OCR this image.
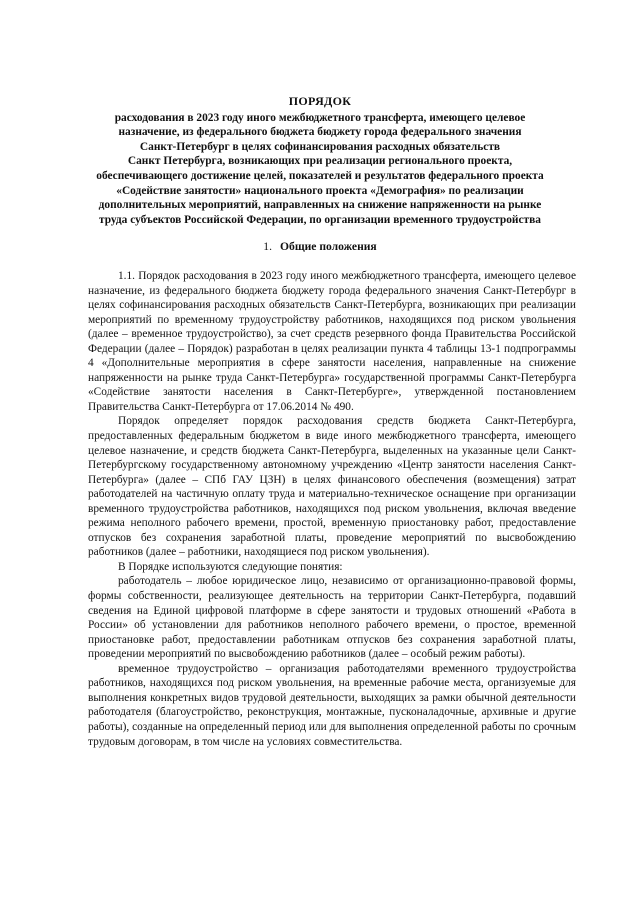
ПОРЯДОК
расходования в 2023 году иного межбюджетного трансферта, имеющего целевое
назначение, из федерального бюджета бюджету города федерального значения
Санкт-Петербург в целях софинансирования расходных обязательств
Санкт Петербурга, возникающих при реализации регионального проекта,
обеспечивающего достижение целей, показателей и результатов федерального проекта
«Содействие занятости» национального проекта «Демография» по реализации
дополнительных мероприятий, направленных на снижение напряженности на рынке
труда субъектов Российской Федерации, по организации временного трудоустройства
1. Общие положения

1.1. Порядок расходования в 2023 году иного межбюджетного трансферта, имеющего целевое назначение, из федерального бюджета бюджету города федерального значения Санкт-Петербург в целях софинансирования расходных обязательств Санкт-Петербурга, возникающих при реализации мероприятий по временному трудоустройству работников, находящихся под риском увольнения (далее – временное трудоустройство), за счет средств резервного фонда Правительства Российской Федерации (далее – Порядок) разработан в целях реализации пункта 4 таблицы 13-1 подпрограммы 4 «Дополнительные мероприятия в сфере занятости населения, направленные на снижение напряженности на рынке труда Санкт-Петербурга» государственной программы Санкт-Петербурга «Содействие занятости населения в Санкт-Петербурге», утвержденной постановлением Правительства Санкт-Петербурга от 17.06.2014 № 490.

Порядок определяет порядок расходования средств бюджета Санкт-Петербурга, предоставленных федеральным бюджетом в виде иного межбюджетного трансферта, имеющего целевое назначение, и средств бюджета Санкт-Петербурга, выделенных на указанные цели Санкт-Петербургскому государственному автономному учреждению «Центр занятости населения Санкт-Петербурга» (далее – СПб ГАУ ЦЗН) в целях финансового обеспечения (возмещения) затрат работодателей на частичную оплату труда и материально-техническое оснащение при организации временного трудоустройства работников, находящихся под риском увольнения, включая введение режима неполного рабочего времени, простой, временную приостановку работ, предоставление отпусков без сохранения заработной платы, проведение мероприятий по высвобождению работников (далее – работники, находящиеся под риском увольнения).

В Порядке используются следующие понятия:

работодатель – любое юридическое лицо, независимо от организационно-правовой формы, формы собственности, реализующее деятельность на территории Санкт-Петербурга, подавший сведения на Единой цифровой платформе в сфере занятости и трудовых отношений «Работа в России» об установлении для работников неполного рабочего времени, о простое, временной приостановке работ, предоставлении работникам отпусков без сохранения заработной платы, проведении мероприятий по высвобождению работников (далее – особый режим работы).

временное трудоустройство – организация работодателями временного трудоустройства работников, находящихся под риском увольнения, на временные рабочие места, организуемые для выполнения конкретных видов трудовой деятельности, выходящих за рамки обычной деятельности работодателя (благоустройство, реконструкция, монтажные, пусконаладочные, архивные и другие работы), созданные на определенный период или для выполнения определенной работы по срочным трудовым договорам, в том числе на условиях совместительства.
